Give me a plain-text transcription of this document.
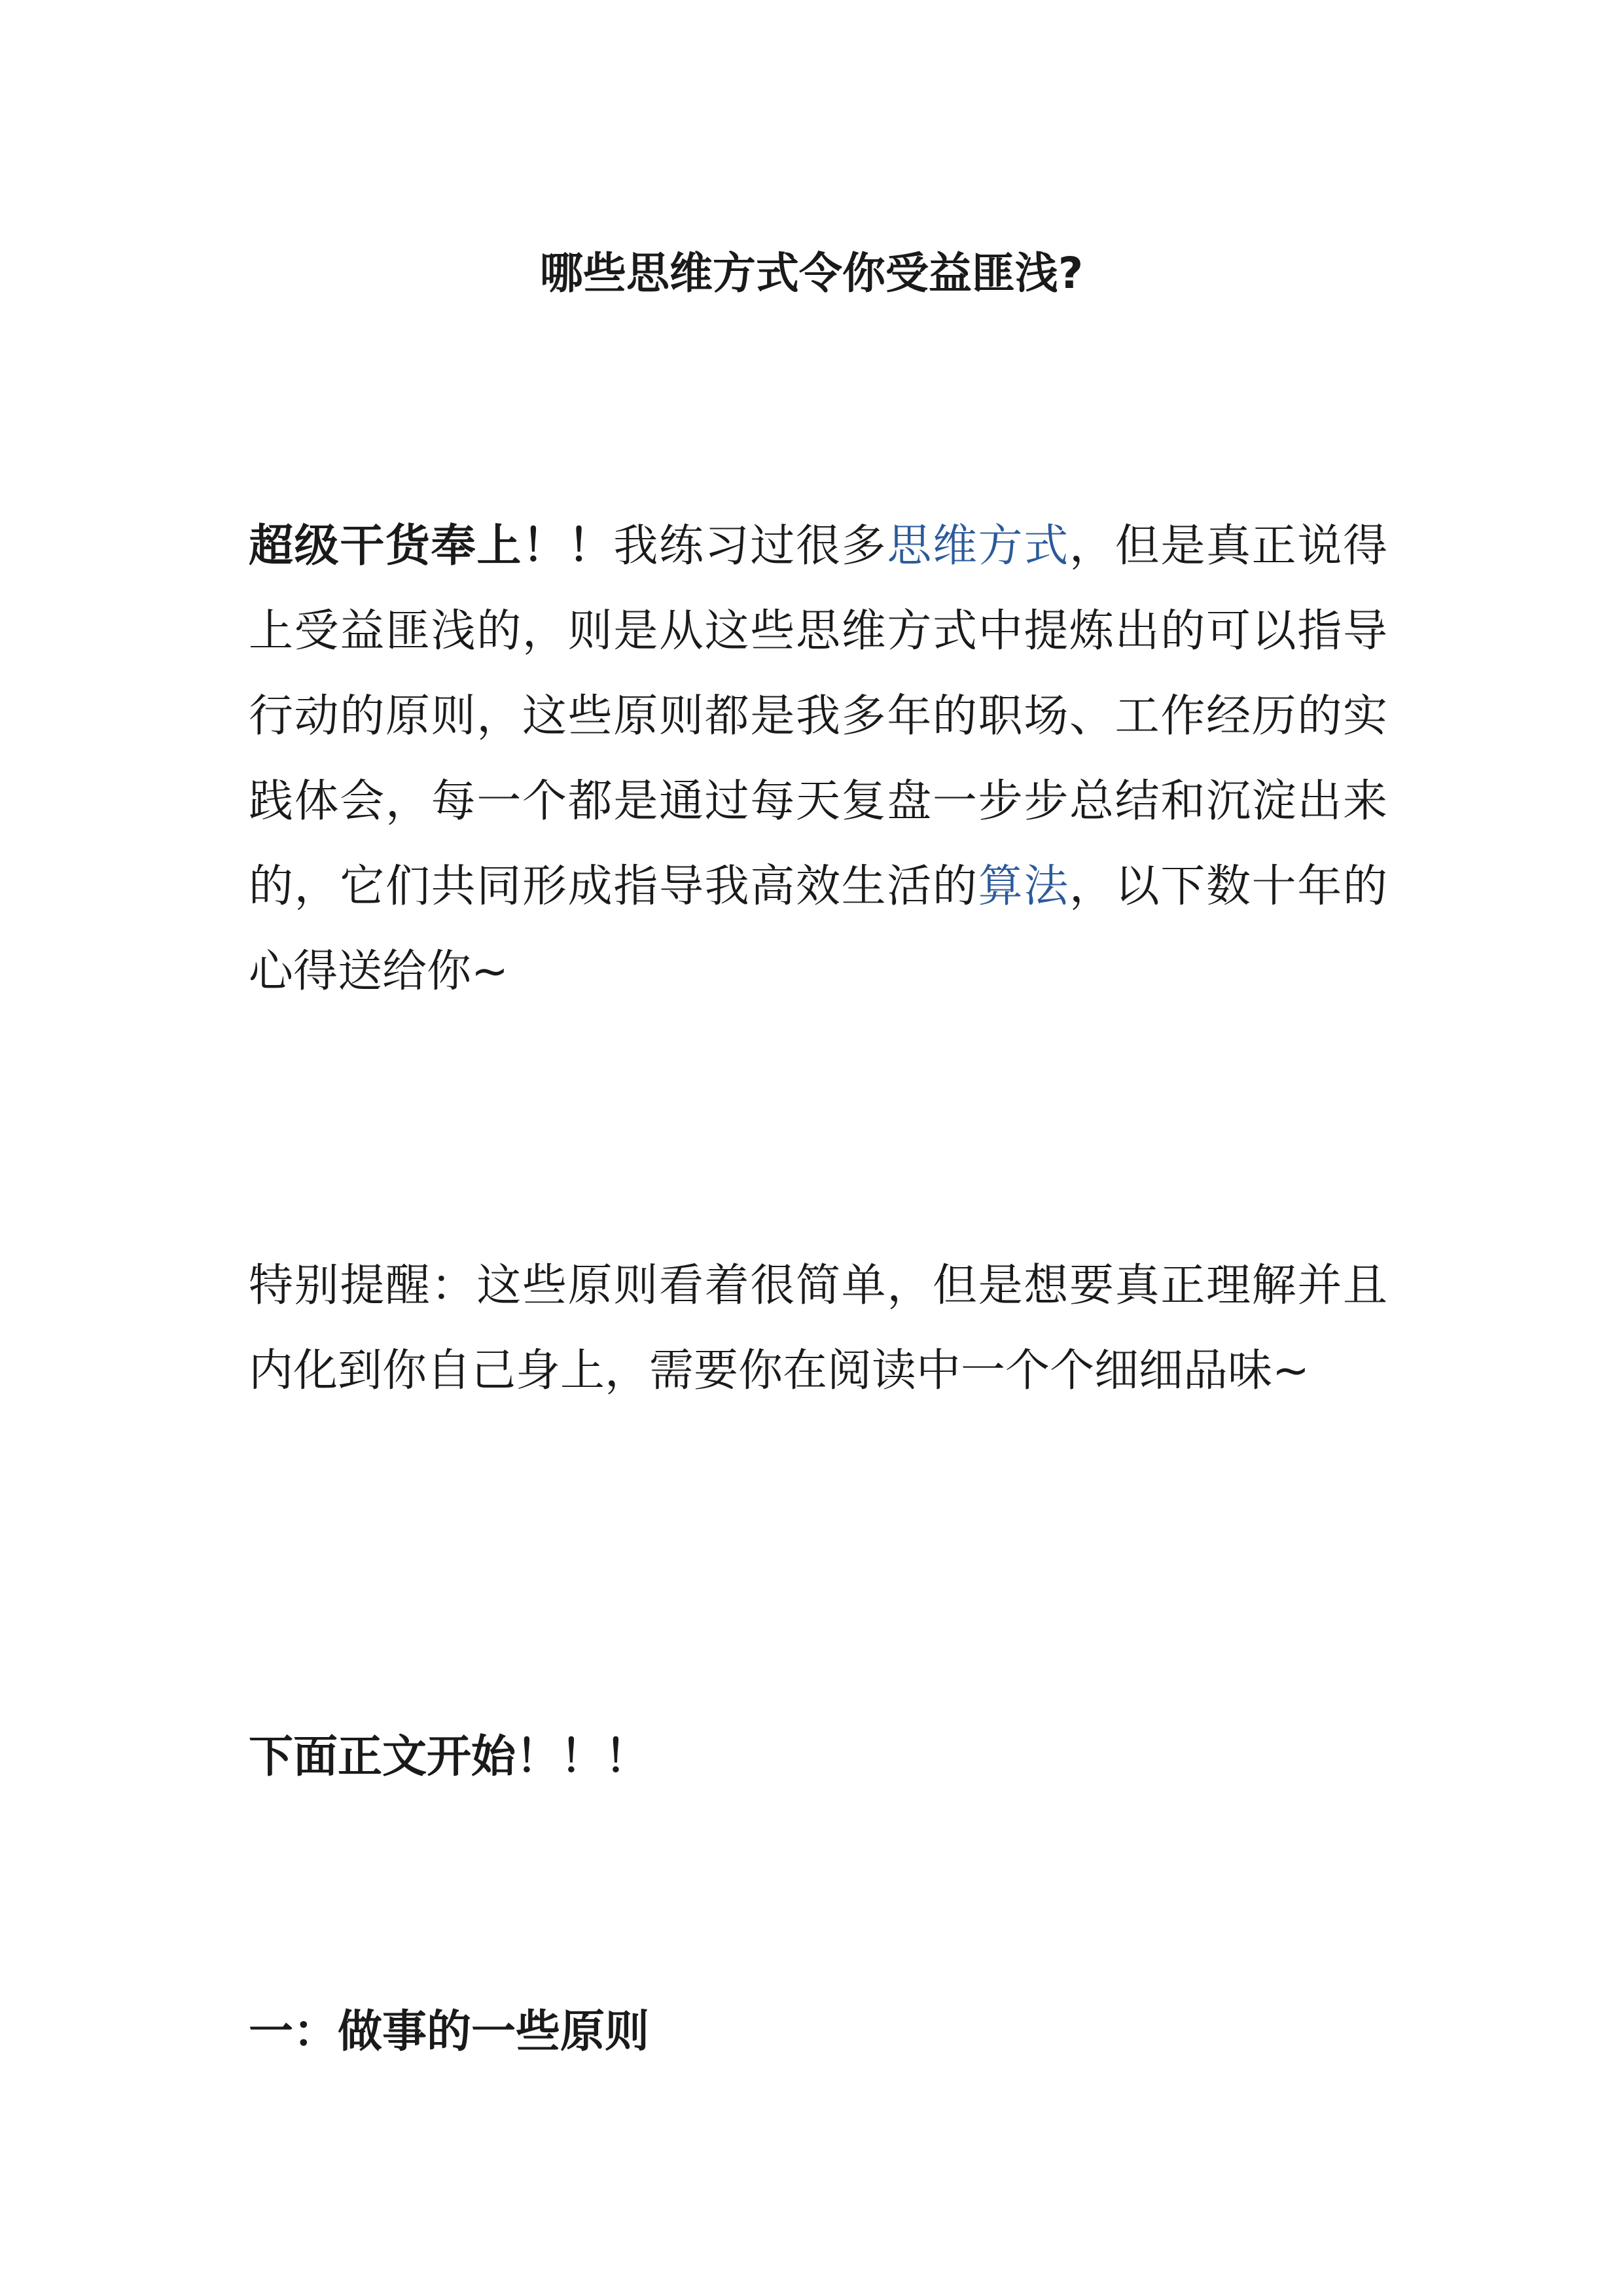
哪些思维方式令你受益匪浅?

超级干货奉上！！我练习过很多思维方式，但是真正说得上受益匪浅的，则是从这些思维方式中提炼出的可以指导行动的原则，这些原则都是我多年的职场、工作经历的实践体会，每一个都是通过每天复盘一步步总结和沉淀出来的，它们共同形成指导我高效生活的算法，以下数十年的心得送给你~

特别提醒：这些原则看着很简单，但是想要真正理解并且内化到你自己身上，需要你在阅读中一个个细细品味~

下面正文开始！！！
一：做事的一些原则
